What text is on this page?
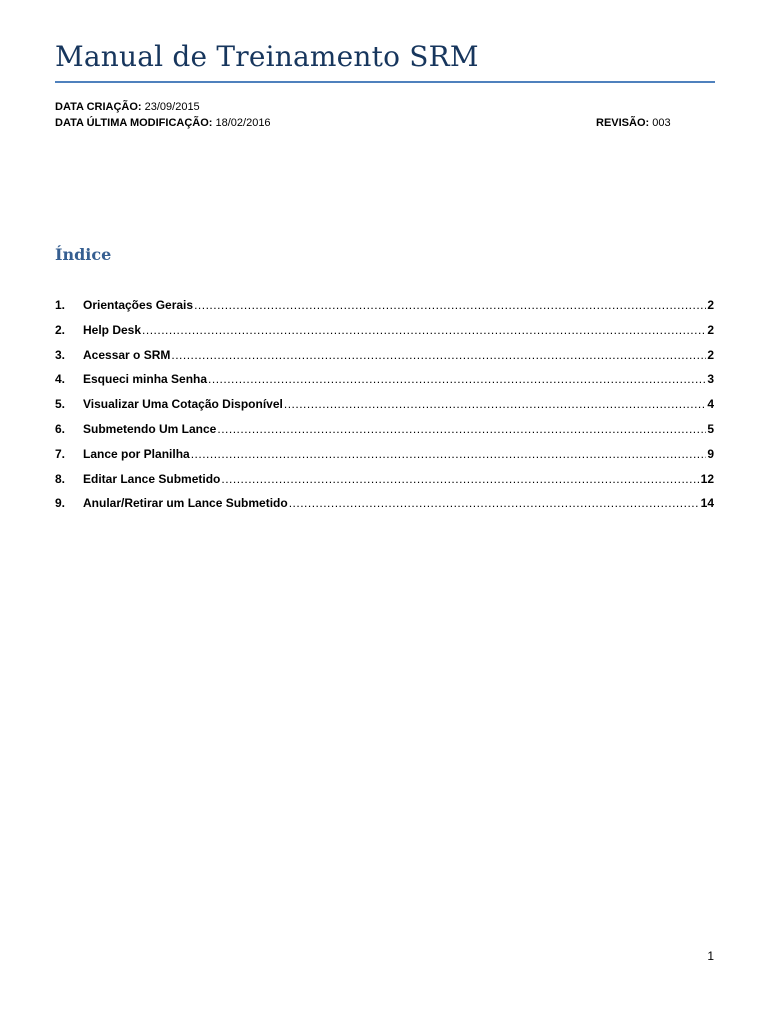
Manual de Treinamento SRM
DATA CRIAÇÃO: 23/09/2015
DATA ÚLTIMA MODIFICAÇÃO: 18/02/2016	REVISÃO: 003
Índice
1.	Orientações Gerais .....	2
2.	Help Desk .....	2
3.	Acessar o SRM .....	2
4.	Esqueci minha Senha .....	3
5.	Visualizar Uma Cotação Disponível .....	4
6.	Submetendo Um Lance .....	5
7.	Lance por Planilha .....	9
8.	Editar Lance Submetido .....	12
9.	Anular/Retirar um Lance Submetido .....	14
1
